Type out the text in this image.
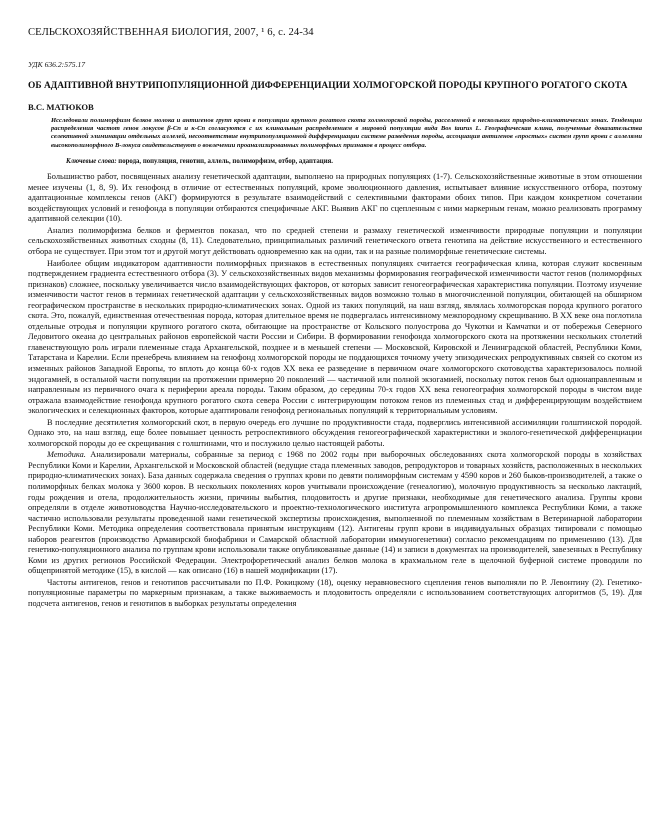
СЕЛЬСКОХОЗЯЙСТВЕННАЯ БИОЛОГИЯ, 2007, ¹ 6, с. 24-34

УДК 636.2:575.17
ОБ АДАПТИВНОЙ ВНУТРИПОПУЛЯЦИОННОЙ ДИФФЕРЕНЦИАЦИИ ХОЛМОГОРСКОЙ ПОРОДЫ КРУПНОГО РОГАТОГО СКОТА
В.С. МАТЮКОВ
Исследовали полиморфизм белков молока и антигенов групп крови в популяции крупного рогатого скота холмогорской породы, расселенной в нескольких природно-климатических зонах. Тенденции распределения частот генов локусов β-Cn и κ-Cn согласуются с их клинальным распределением в мировой популяции вида Bos taurus L. Географическая клина, полученные доказательства селективной элиминации отдельных аллелей, несоответствие внутрипопуляционной дифференциации системе разведения породы, ассоциация антигенов «простых» систем групп крови с аллелями высокополиморфного B-локуса свидетельствуют о вовлечении проанализированных полиморфных признаков в процесс отбора.
Ключевые слова: порода, популяция, генотип, аллель, полиморфизм, отбор, адаптация.

Большинство работ, посвященных анализу генетической адаптации, выполнено на природных популяциях (1-7). Сельскохозяйственные животные в этом отношении менее изучены (1, 8, 9). Их генофонд в отличие от естественных популяций, кроме эволюционного давления, испытывает влияние искусственного отбора, поэтому адаптационные комплексы генов (АКГ) формируются в результате взаимодействий с селективными факторами обоих типов. При каждом конкретном сочетании воздействующих условий и генофонда в популяции отбираются специфичные АКГ. Выявив АКГ по сцепленным с ними маркерным генам, можно реализовать программу адаптивной селекции (10).

Анализ полиморфизма белков и ферментов показал, что по средней степени и размаху генетической изменчивости природные популяции и популяции сельскохозяйственных животных сходны (8, 11). Следовательно, принципиальных различий генетического ответа генотипа на действие искусственного и естественного отбора не существует. При этом тот и другой могут действовать одновременно как на одни, так и на разные полиморфные генетические системы.

Наиболее общим индикатором адаптивности полиморфных признаков в естественных популяциях считается географическая клина, которая служит косвенным подтверждением градиента естественного отбора (3). У сельскохозяйственных видов механизмы формирования географической изменчивости частот генов (полиморфных признаков) сложнее, поскольку увеличивается число взаимодействующих факторов, от которых зависит геногеографическая характеристика популяции. Поэтому изучение изменчивости частот генов в терминах генетической адаптации у сельскохозяйственных видов возможно только в многочисленной популяции, обитающей на обширном географическом пространстве в нескольких природно-климатических зонах. Одной из таких популяций, на наш взгляд, являлась холмогорская порода крупного рогатого скота. Это, пожалуй, единственная отечественная порода, которая длительное время не подвергалась интенсивному межпородному скрещиванию. В XX веке она поглотила отдельные отродья и популяции крупного рогатого скота, обитающие на пространстве от Кольского полуострова до Чукотки и Камчатки и от побережья Северного Ледовитого океана до центральных районов европейской части России и Сибири. В формировании генофонда холмогорского скота на протяжении нескольких столетий главенствующую роль играли племенные стада Архангельской, позднее и в меньшей степени — Московской, Кировской и Ленинградской областей, Республики Коми, Татарстана и Карелии. Если пренебречь влиянием на генофонд холмогорской породы не поддающихся точному учету эпизодических репродуктивных связей со скотом из изменных районов Западной Европы, то вплоть до конца 60-х годов XX века ее разведение в первичном очаге холмогорского скотоводства характеризовалось полной эндогамией, в остальной части популяции на протяжении примерно 20 поколений — частичной или полной экзогамией, поскольку поток генов был однонаправленным и направленным из первичного очага к периферии ареала породы. Таким образом, до середины 70-х годов XX века геногеография холмогорской породы в чистом виде отражала взаимодействие генофонда крупного рогатого скота севера России с интегрирующим потоком генов из племенных стад и дифференцирующим воздействием экологических и селекционных факторов, которые адаптировали генофонд региональных популяций к территориальным условиям.

В последние десятилетия холмогорский скот, в первую очередь его лучшие по продуктивности стада, подверглись интенсивной ассимиляции голштинской породой. Однако это, на наш взгляд, еще более повышает ценность ретроспективного обсуждения геногеографической характеристики и эколого-генетической дифференциации холмогорской породы до ее скрещивания с голштинами, что и послужило целью настоящей работы.

Методика. Анализировали материалы, собранные за период с 1968 по 2002 годы при выборочных обследованиях скота холмогорской породы в хозяйствах Республики Коми и Карелии, Архангельской и Московской областей (ведущие стада племенных заводов, репродукторов и товарных хозяйств, расположенных в нескольких природно-климатических зонах). База данных содержала сведения о группах крови по девяти полиморфным системам у 4590 коров и 260 быков-производителей, а также о полиморфных белках молока у 3600 коров. В нескольких поколениях коров учитывали происхождение (генеалогию), молочную продуктивность за несколько лактаций, годы рождения и отела, продолжительность жизни, причины выбытия, плодовитость и другие признаки, необходимые для генетического анализа. Группы крови определяли в отделе животноводства Научно-исследовательского и проектно-технологического института агропромышленного комплекса Республики Коми, а также частично использовали результаты проведенной нами генетической экспертизы происхождения, выполненной по племенным хозяйствам в Ветеринарной лаборатории Республики Коми. Методика определения соответствовала принятым инструкциям (12). Антигены групп крови в индивидуальных образцах типировали с помощью наборов реагентов (производство Армавирской биофабрики и Самарской областной лаборатории иммуногенетики) согласно рекомендациям по применению (13). Для генетико-популяционного анализа по группам крови использовали также опубликованные данные (14) и записи в документах на производителей, завезенных в Республику Коми из других регионов Российской Федерации. Электрофоретический анализ белков молока в крахмальном геле в щелочной буферной системе проводили по общепринятой методике (15), в кислой — как описано (16) в нашей модификации (17).

Частоты антигенов, генов и генотипов рассчитывали по П.Ф. Рокицкому (18), оценку неравновесного сцепления генов выполняли по Р. Левонтину (2). Генетико-популяционные параметры по маркерным признакам, а также выживаемость и плодовитость определяли с использованием соответствующих алгоритмов (5, 19). Для подсчета антигенов, генов и генотипов в выборках результаты определения
